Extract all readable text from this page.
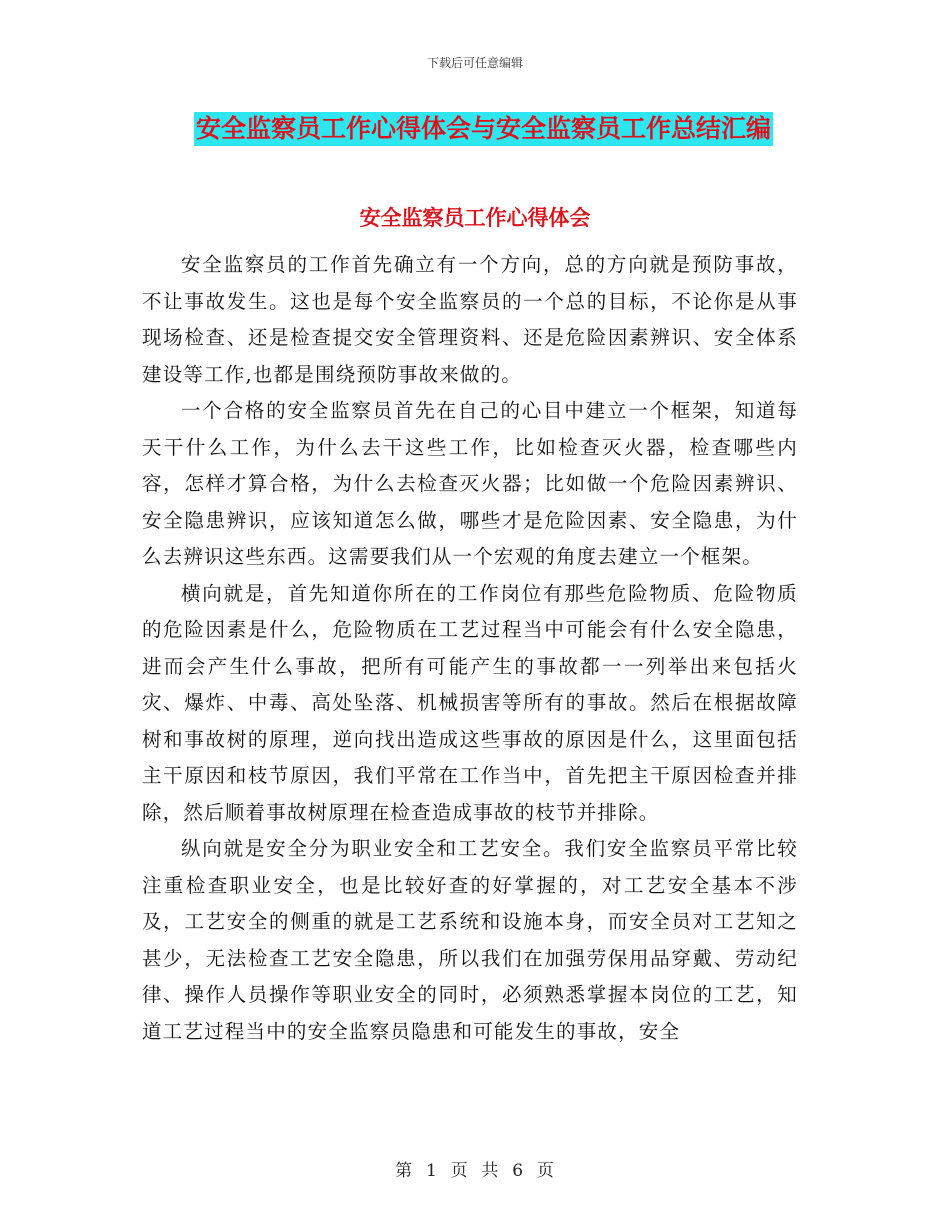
下载后可任意编辑
安全监察员工作心得体会与安全监察员工作总结汇编
安全监察员工作心得体会

安全监察员的工作首先确立有一个方向，总的方向就是预防事故，不让事故发生。这也是每个安全监察员的一个总的目标，不论你是从事现场检查、还是检查提交安全管理资料、还是危险因素辨识、安全体系建设等工作,也都是围绕预防事故来做的。

一个合格的安全监察员首先在自己的心目中建立一个框架，知道每天干什么工作，为什么去干这些工作，比如检查灭火器，检查哪些内容，怎样才算合格，为什么去检查灭火器；比如做一个危险因素辨识、安全隐患辨识，应该知道怎么做，哪些才是危险因素、安全隐患，为什么去辨识这些东西。这需要我们从一个宏观的角度去建立一个框架。

横向就是，首先知道你所在的工作岗位有那些危险物质、危险物质的危险因素是什么，危险物质在工艺过程当中可能会有什么安全隐患，进而会产生什么事故，把所有可能产生的事故都一一列举出来包括火灾、爆炸、中毒、高处坠落、机械损害等所有的事故。然后在根据故障树和事故树的原理，逆向找出造成这些事故的原因是什么，这里面包括主干原因和枝节原因，我们平常在工作当中，首先把主干原因检查并排除，然后顺着事故树原理在检查造成事故的枝节并排除。

纵向就是安全分为职业安全和工艺安全。我们安全监察员平常比较注重检查职业安全，也是比较好查的好掌握的，对工艺安全基本不涉及，工艺安全的侧重的就是工艺系统和设施本身，而安全员对工艺知之甚少，无法检查工艺安全隐患，所以我们在加强劳保用品穿戴、劳动纪律、操作人员操作等职业安全的同时，必须熟悉掌握本岗位的工艺，知道工艺过程当中的安全监察员隐患和可能发生的事故，安全

第  1  页  共  6  页
